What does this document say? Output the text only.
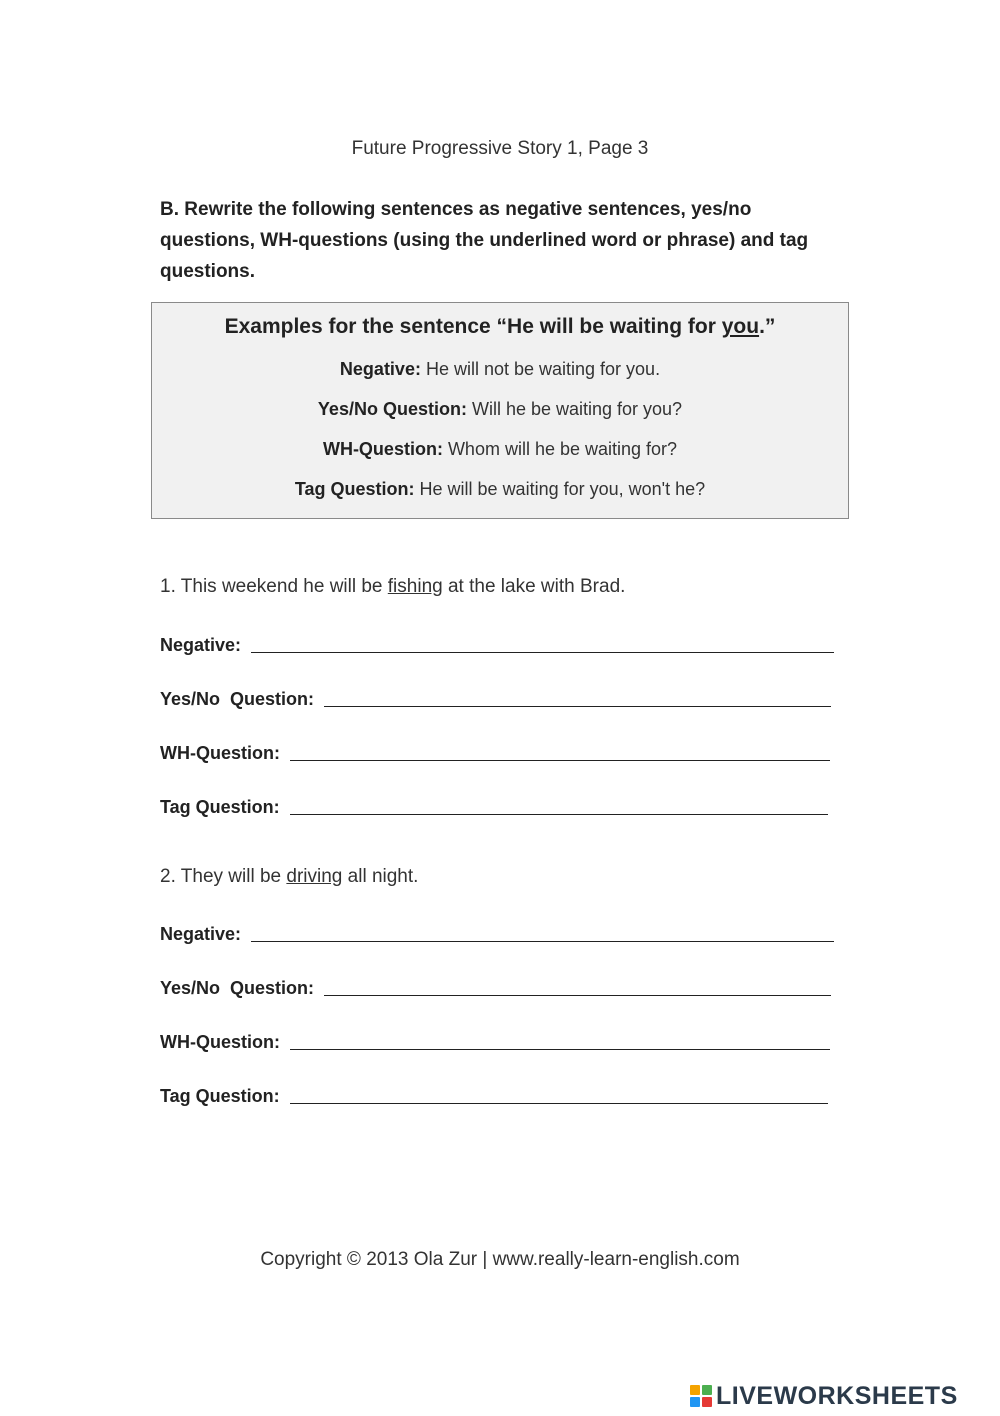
Future Progressive Story 1, Page 3
B. Rewrite the following sentences as negative sentences, yes/no questions, WH-questions (using the underlined word or phrase) and tag questions.
Examples for the sentence “He will be waiting for you.”
Negative: He will not be waiting for you.
Yes/No Question: Will he be waiting for you?
WH-Question: Whom will he be waiting for?
Tag Question: He will be waiting for you, won't he?
1. This weekend he will be fishing at the lake with Brad.
Negative:
Yes/No  Question:
WH-Question:
Tag Question:
2. They will be driving all night.
Negative:
Yes/No  Question:
WH-Question:
Tag Question:
Copyright © 2013 Ola Zur | www.really-learn-english.com
LIVEWORKSHEETS
